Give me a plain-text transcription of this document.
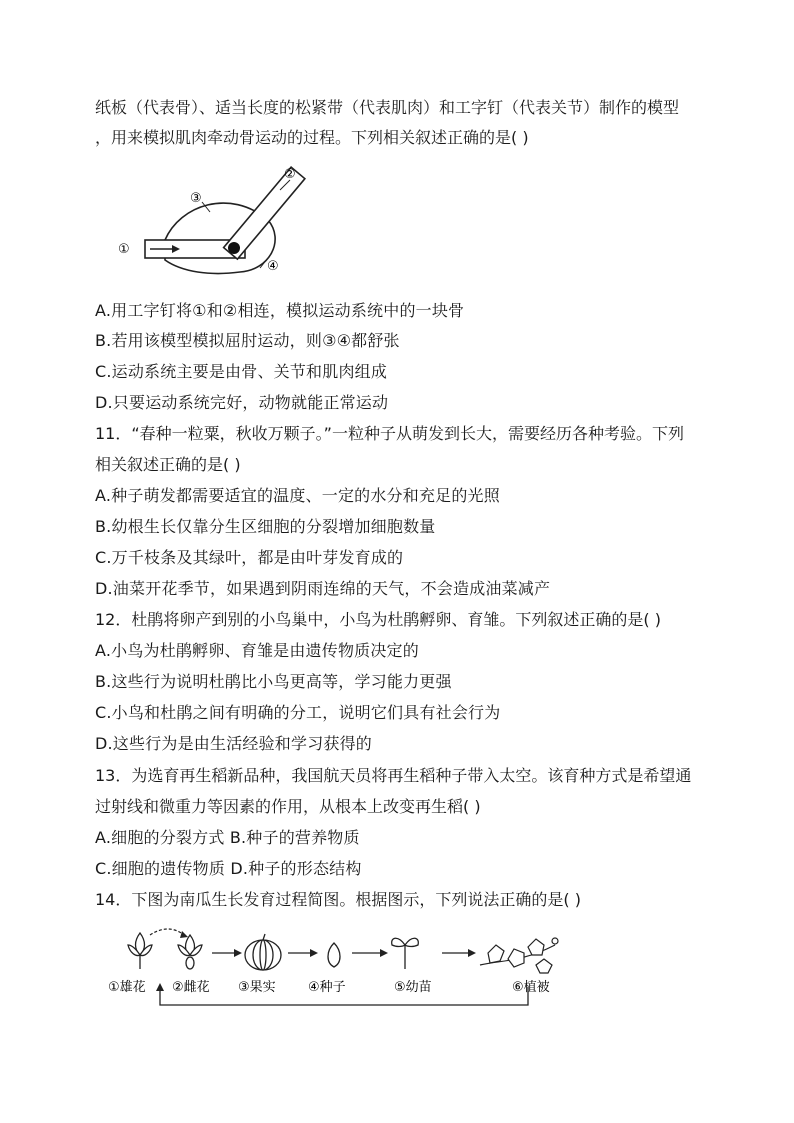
纸板（代表骨）、适当长度的松紧带（代表肌肉）和工字钉（代表关节）制作的模型
，用来模拟肌肉牵动骨运动的过程。下列相关叙述正确的是( )
①
③
②
④
A.用工字钉将①和②相连，模拟运动系统中的一块骨
B.若用该模型模拟屈肘运动，则③④都舒张
C.运动系统主要是由骨、关节和肌肉组成
D.只要运动系统完好，动物就能正常运动
11．“春种一粒粟，秋收万颗子。”一粒种子从萌发到长大，需要经历各种考验。下列
相关叙述正确的是( )
A.种子萌发都需要适宜的温度、一定的水分和充足的光照
B.幼根生长仅靠分生区细胞的分裂增加细胞数量
C.万千枝条及其绿叶，都是由叶芽发育成的
D.油菜开花季节，如果遇到阴雨连绵的天气，不会造成油菜减产
12．杜鹃将卵产到别的小鸟巢中，小鸟为杜鹃孵卵、育雏。下列叙述正确的是( )
A.小鸟为杜鹃孵卵、育雏是由遗传物质决定的
B.这些行为说明杜鹃比小鸟更高等，学习能力更强
C.小鸟和杜鹃之间有明确的分工，说明它们具有社会行为
D.这些行为是由生活经验和学习获得的
13．为选育再生稻新品种，我国航天员将再生稻种子带入太空。该育种方式是希望通
过射线和微重力等因素的作用，从根本上改变再生稻( )
A.细胞的分裂方式 B.种子的营养物质
C.细胞的遗传物质 D.种子的形态结构
14．下图为南瓜生长发育过程简图。根据图示，下列说法正确的是( )
①雄花 ②雌花 ③果实 ④种子	⑤幼苗	⑥植被
